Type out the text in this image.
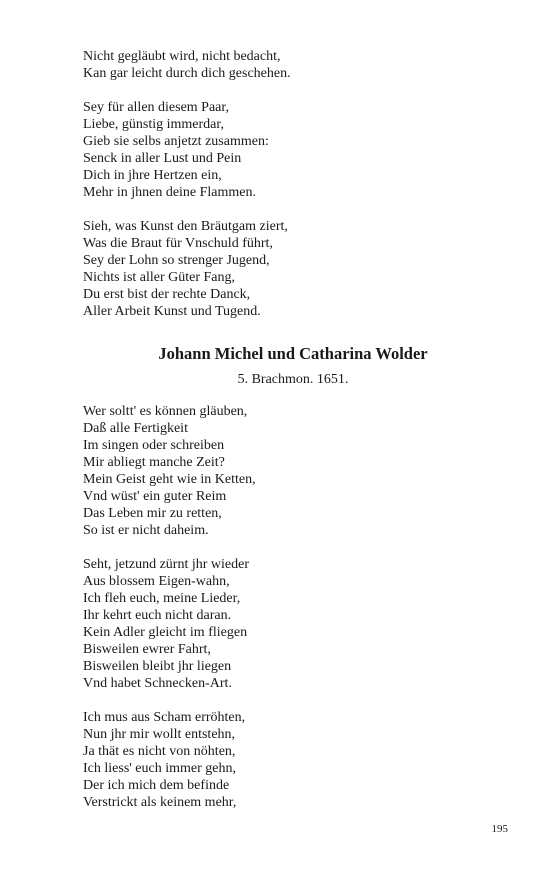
Nicht gegläubt wird, nicht bedacht,
Kan gar leicht durch dich geschehen.
Sey für allen diesem Paar,
Liebe, günstig immerdar,
Gieb sie selbs anjetzt zusammen:
Senck in aller Lust und Pein
Dich in jhre Hertzen ein,
Mehr in jhnen deine Flammen.
Sieh, was Kunst den Bräutgam ziert,
Was die Braut für Vnschuld führt,
Sey der Lohn so strenger Jugend,
Nichts ist aller Güter Fang,
Du erst bist der rechte Danck,
Aller Arbeit Kunst und Tugend.
Johann Michel und Catharina Wolder
5. Brachmon. 1651.
Wer soltt' es können gläuben,
Daß alle Fertigkeit
Im singen oder schreiben
Mir abliegt manche Zeit?
Mein Geist geht wie in Ketten,
Vnd wüst' ein guter Reim
Das Leben mir zu retten,
So ist er nicht daheim.
Seht, jetzund zürnt jhr wieder
Aus blossem Eigen-wahn,
Ich fleh euch, meine Lieder,
Ihr kehrt euch nicht daran.
Kein Adler gleicht im fliegen
Bisweilen ewrer Fahrt,
Bisweilen bleibt jhr liegen
Vnd habet Schnecken-Art.
Ich mus aus Scham erröhten,
Nun jhr mir wollt entstehn,
Ja thät es nicht von nöhten,
Ich liess' euch immer gehn,
Der ich mich dem befinde
Verstrickt als keinem mehr,
195
